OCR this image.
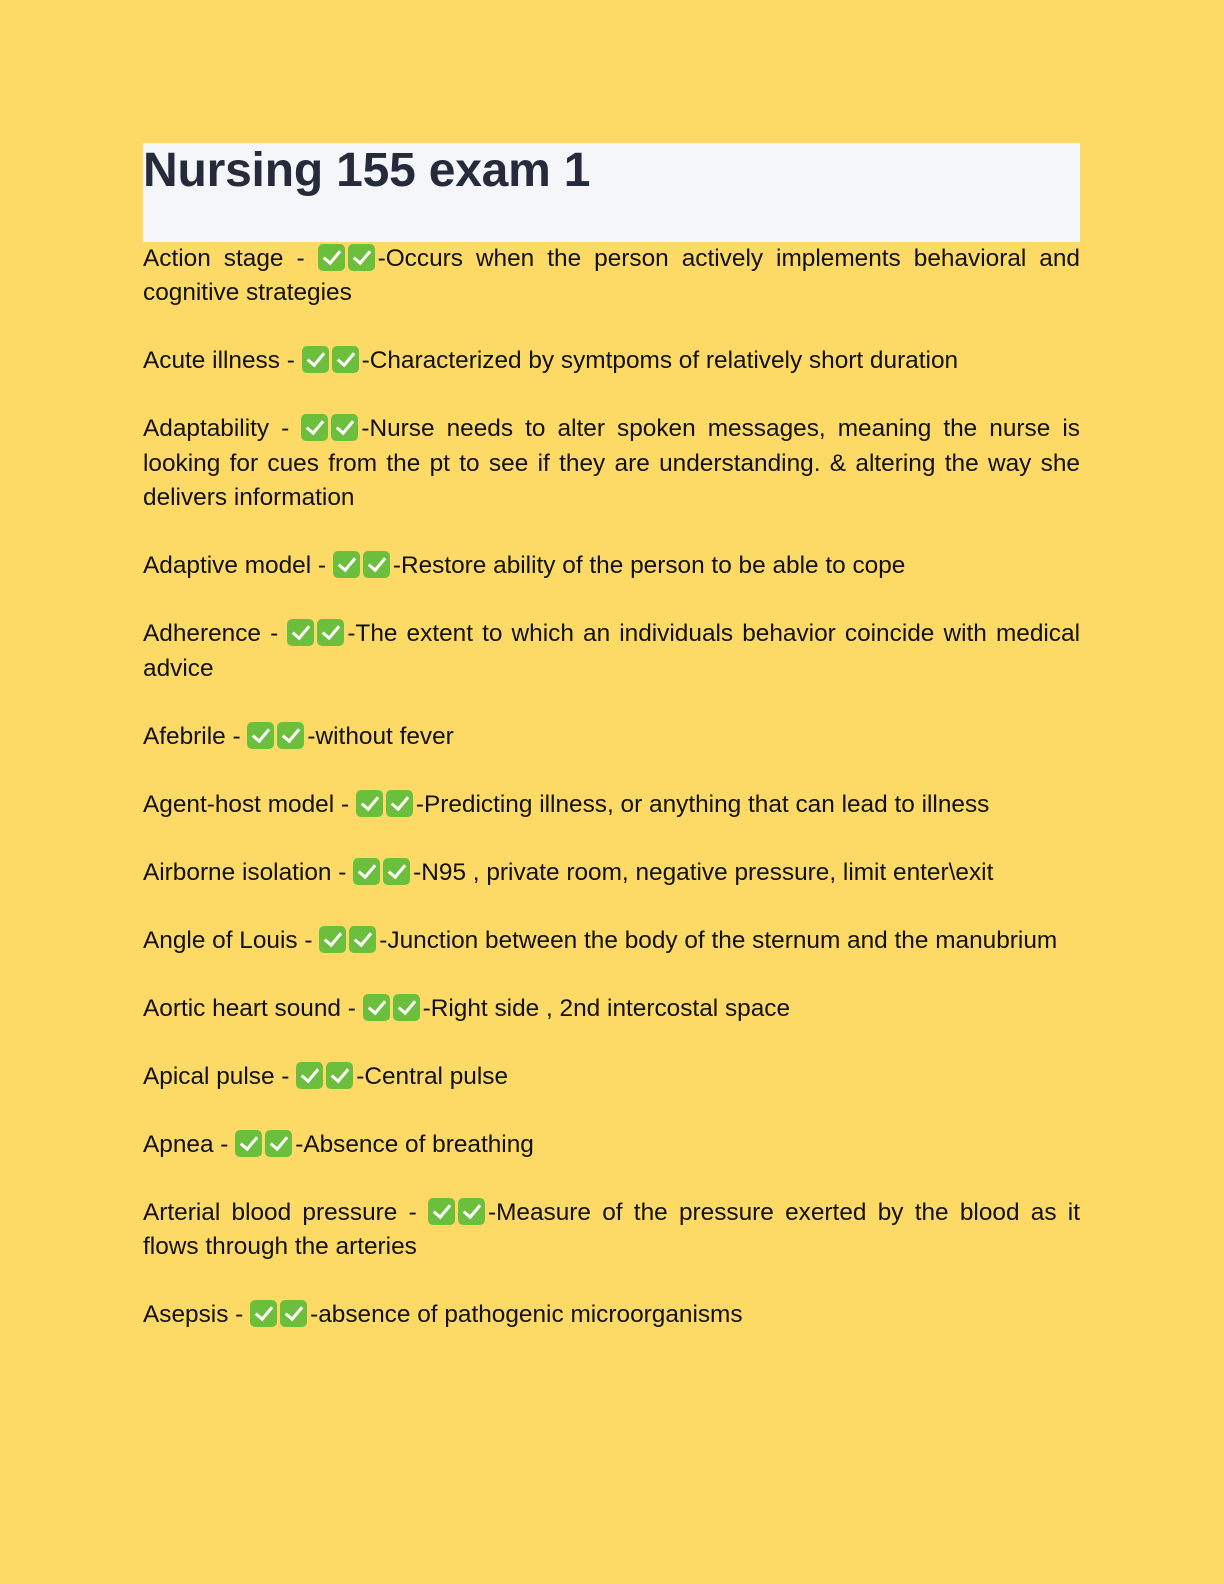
Nursing 155 exam 1

Action stage - -Occurs when the person actively implements behavioral and cognitive strategies

Acute illness - -Characterized by symtpoms of relatively short duration

Adaptability - -Nurse needs to alter spoken messages, meaning the nurse is looking for cues from the pt to see if they are understanding. & altering the way she delivers information

Adaptive model - -Restore ability of the person to be able to cope

Adherence - -The extent to which an individuals behavior coincide with medical advice

Afebrile - -without fever

Agent-host model - -Predicting illness, or anything that can lead to illness

Airborne isolation - -N95 , private room, negative pressure, limit enter\exit

Angle of Louis - -Junction between the body of the sternum and the manubrium

Aortic heart sound - -Right side , 2nd intercostal space

Apical pulse - -Central pulse

Apnea - -Absence of breathing

Arterial blood pressure - -Measure of the pressure exerted by the blood as it flows through the arteries

Asepsis - -absence of pathogenic microorganisms
